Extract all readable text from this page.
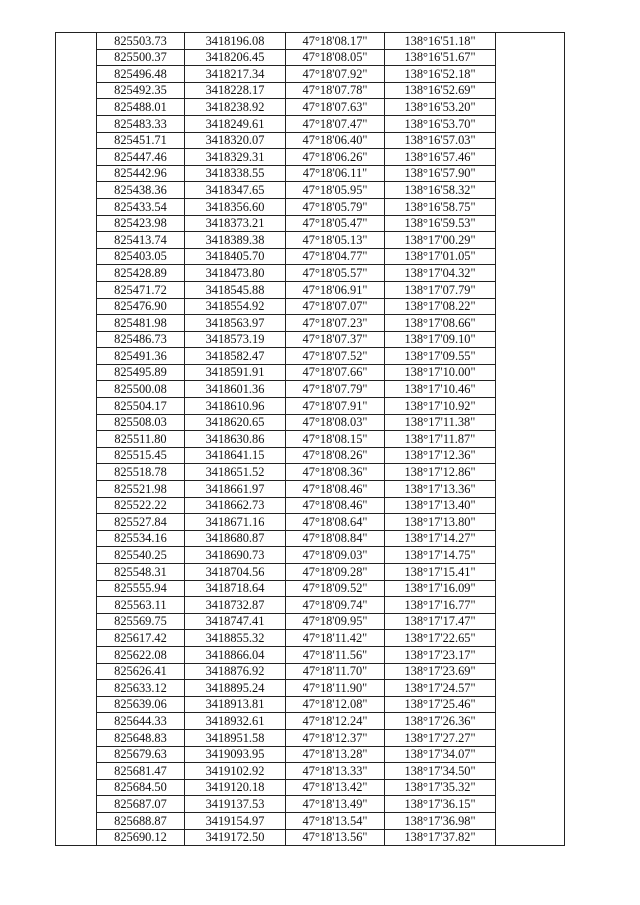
	825503.73	3418196.08	47°18'08.17"	138°16'51.18"	
	825500.37	3418206.45	47°18'08.05"	138°16'51.67"	
	825496.48	3418217.34	47°18'07.92"	138°16'52.18"	
	825492.35	3418228.17	47°18'07.78"	138°16'52.69"	
	825488.01	3418238.92	47°18'07.63"	138°16'53.20"	
	825483.33	3418249.61	47°18'07.47"	138°16'53.70"	
	825451.71	3418320.07	47°18'06.40"	138°16'57.03"	
	825447.46	3418329.31	47°18'06.26"	138°16'57.46"	
	825442.96	3418338.55	47°18'06.11"	138°16'57.90"	
	825438.36	3418347.65	47°18'05.95"	138°16'58.32"	
	825433.54	3418356.60	47°18'05.79"	138°16'58.75"	
	825423.98	3418373.21	47°18'05.47"	138°16'59.53"	
	825413.74	3418389.38	47°18'05.13"	138°17'00.29"	
	825403.05	3418405.70	47°18'04.77"	138°17'01.05"	
	825428.89	3418473.80	47°18'05.57"	138°17'04.32"	
	825471.72	3418545.88	47°18'06.91"	138°17'07.79"	
	825476.90	3418554.92	47°18'07.07"	138°17'08.22"	
	825481.98	3418563.97	47°18'07.23"	138°17'08.66"	
	825486.73	3418573.19	47°18'07.37"	138°17'09.10"	
	825491.36	3418582.47	47°18'07.52"	138°17'09.55"	
	825495.89	3418591.91	47°18'07.66"	138°17'10.00"	
	825500.08	3418601.36	47°18'07.79"	138°17'10.46"	
	825504.17	3418610.96	47°18'07.91"	138°17'10.92"	
	825508.03	3418620.65	47°18'08.03"	138°17'11.38"	
	825511.80	3418630.86	47°18'08.15"	138°17'11.87"	
	825515.45	3418641.15	47°18'08.26"	138°17'12.36"	
	825518.78	3418651.52	47°18'08.36"	138°17'12.86"	
	825521.98	3418661.97	47°18'08.46"	138°17'13.36"	
	825522.22	3418662.73	47°18'08.46"	138°17'13.40"	
	825527.84	3418671.16	47°18'08.64"	138°17'13.80"	
	825534.16	3418680.87	47°18'08.84"	138°17'14.27"	
	825540.25	3418690.73	47°18'09.03"	138°17'14.75"	
	825548.31	3418704.56	47°18'09.28"	138°17'15.41"	
	825555.94	3418718.64	47°18'09.52"	138°17'16.09"	
	825563.11	3418732.87	47°18'09.74"	138°17'16.77"	
	825569.75	3418747.41	47°18'09.95"	138°17'17.47"	
	825617.42	3418855.32	47°18'11.42"	138°17'22.65"	
	825622.08	3418866.04	47°18'11.56"	138°17'23.17"	
	825626.41	3418876.92	47°18'11.70"	138°17'23.69"	
	825633.12	3418895.24	47°18'11.90"	138°17'24.57"	
	825639.06	3418913.81	47°18'12.08"	138°17'25.46"	
	825644.33	3418932.61	47°18'12.24"	138°17'26.36"	
	825648.83	3418951.58	47°18'12.37"	138°17'27.27"	
	825679.63	3419093.95	47°18'13.28"	138°17'34.07"	
	825681.47	3419102.92	47°18'13.33"	138°17'34.50"	
	825684.50	3419120.18	47°18'13.42"	138°17'35.32"	
	825687.07	3419137.53	47°18'13.49"	138°17'36.15"	
	825688.87	3419154.97	47°18'13.54"	138°17'36.98"	
	825690.12	3419172.50	47°18'13.56"	138°17'37.82"	
